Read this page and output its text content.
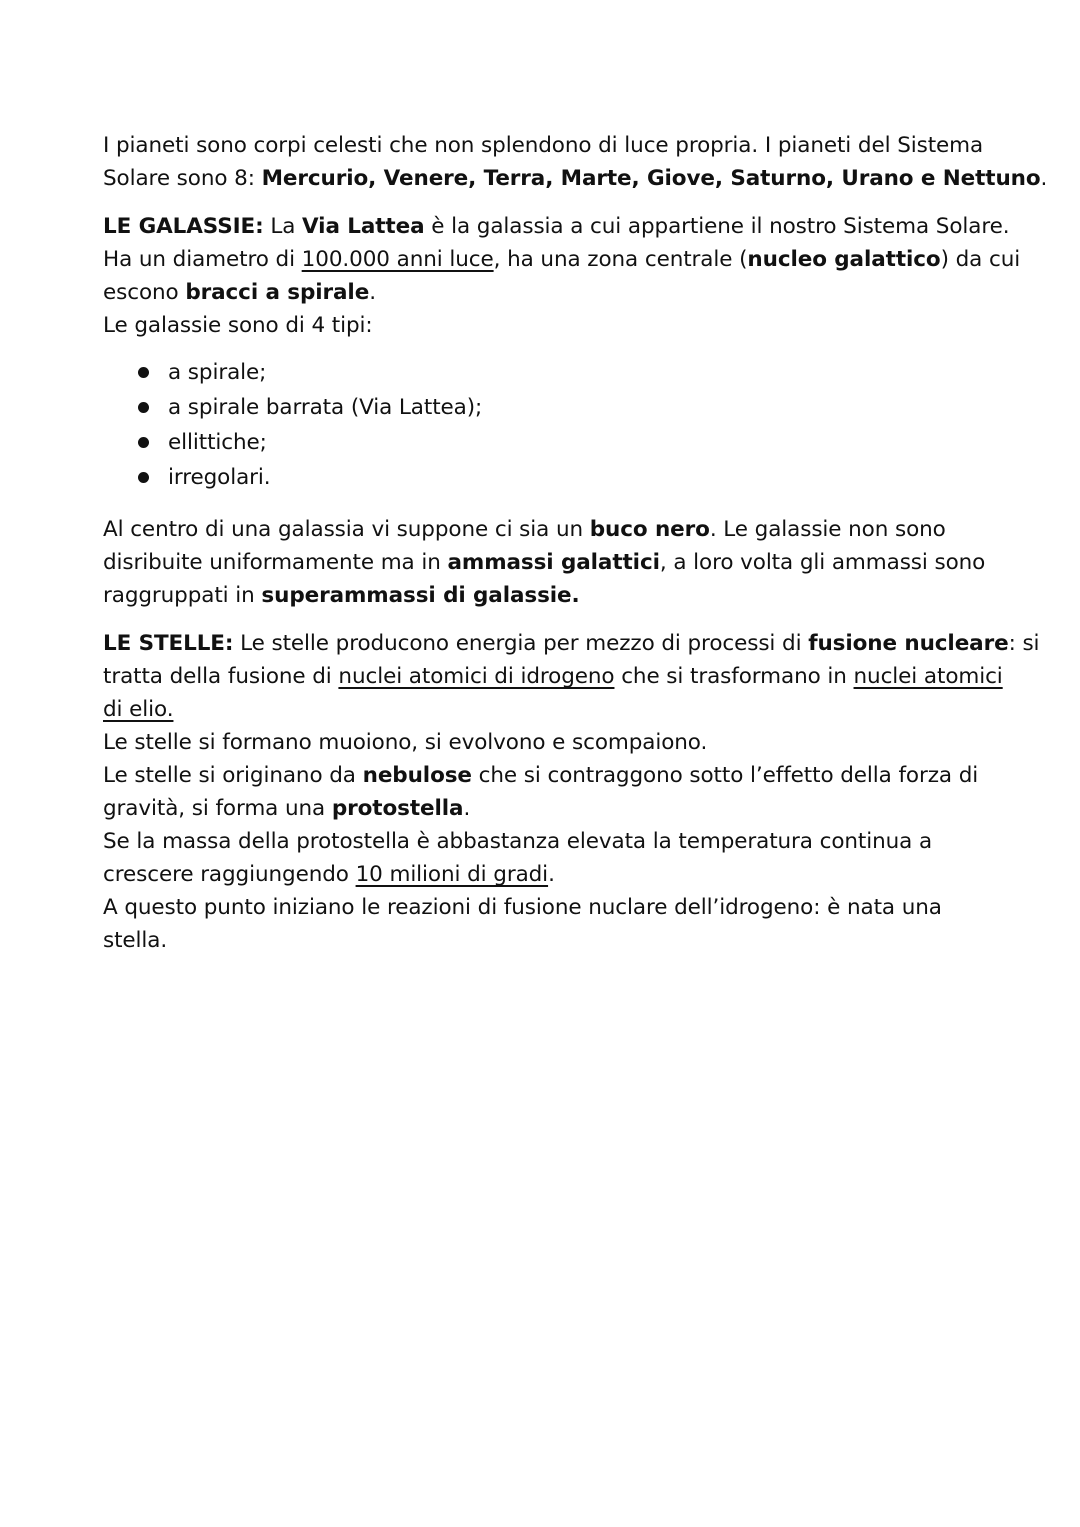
I pianeti sono corpi celesti che non splendono di luce propria. I pianeti del Sistema
Solare sono 8: Mercurio, Venere, Terra, Marte, Giove, Saturno, Urano e Nettuno.
LE GALASSIE: La Via Lattea è la galassia a cui appartiene il nostro Sistema Solare.
Ha un diametro di 100.000 anni luce, ha una zona centrale (nucleo galattico) da cui
escono bracci a spirale.
Le galassie sono di 4 tipi:
a spirale;
a spirale barrata (Via Lattea);
ellittiche;
irregolari.
Al centro di una galassia vi suppone ci sia un buco nero. Le galassie non sono
disribuite uniformamente ma in ammassi galattici, a loro volta gli ammassi sono
raggruppati in superammassi di galassie.
LE STELLE: Le stelle producono energia per mezzo di processi di fusione nucleare: si
tratta della fusione di nuclei atomici di idrogeno che si trasformano in nuclei atomici
di elio.
Le stelle si formano muoiono, si evolvono e scompaiono.
Le stelle si originano da nebulose che si contraggono sotto l’effetto della forza di
gravità, si forma una protostella.
Se la massa della protostella è abbastanza elevata la temperatura continua a
crescere raggiungendo 10 milioni di gradi.
A questo punto iniziano le reazioni di fusione nuclare dell’idrogeno: è nata una
stella.
